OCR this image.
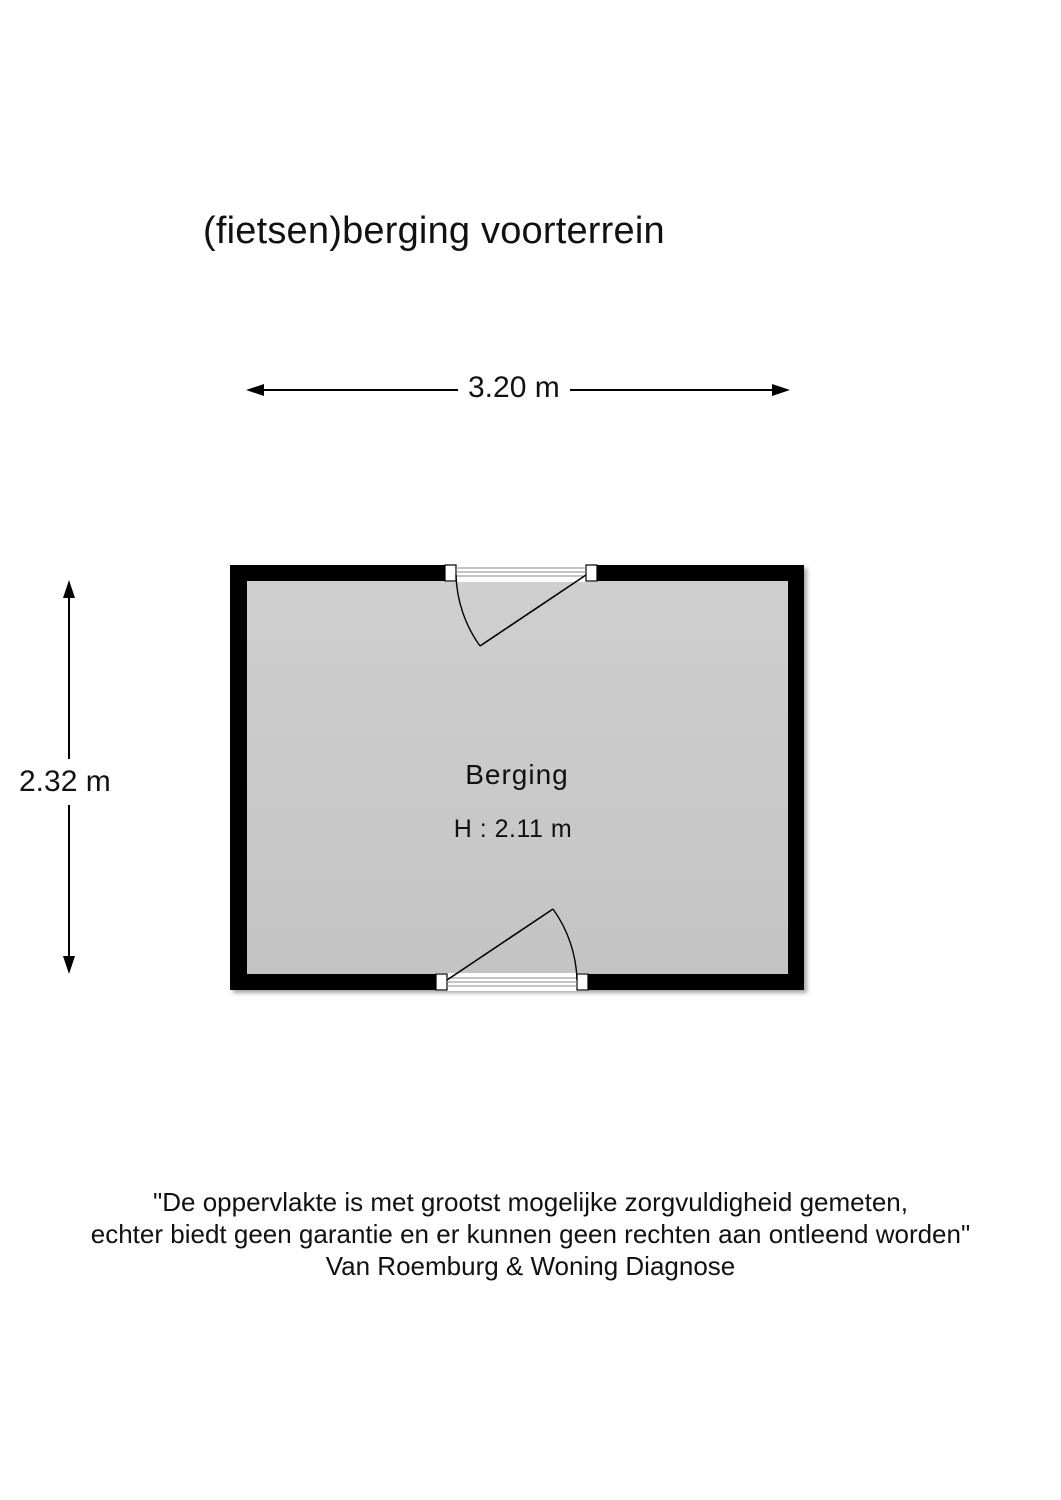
(fietsen)berging voorterrein
3.20 m
2.32 m	Berging
H : 2.11 m
"De oppervlakte is met grootst mogelijke zorgvuldigheid gemeten,
echter biedt geen garantie en er kunnen geen rechten aan ontleend worden"
Van Roemburg & Woning Diagnose
